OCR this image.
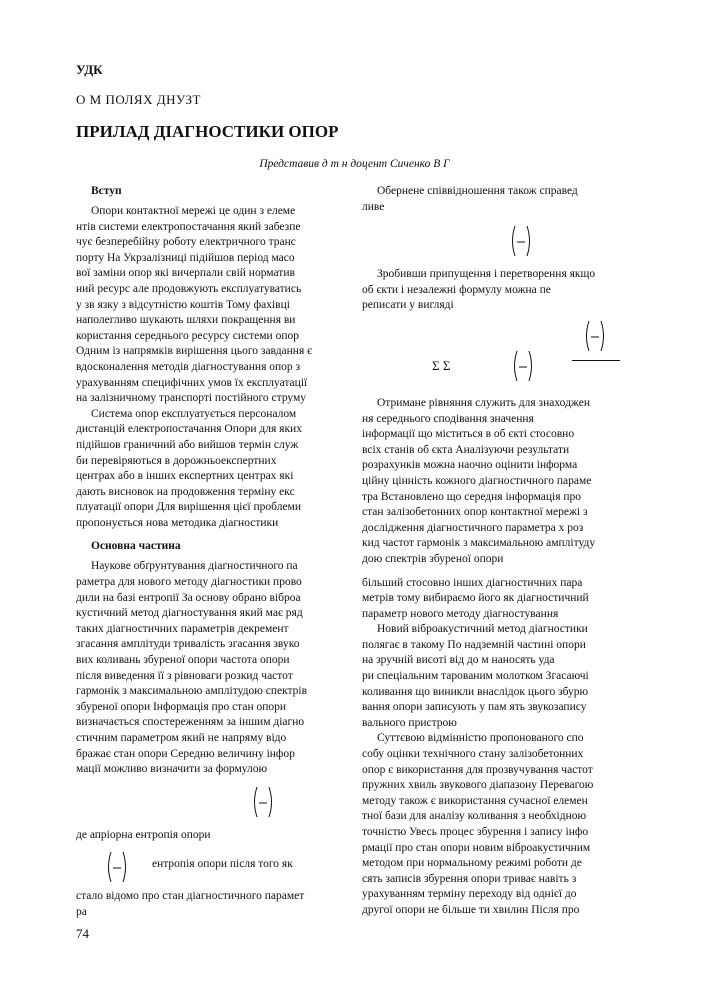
УДК
О М ПОЛЯХ ДНУЗТ
ПРИЛАД ДІАГНОСТИКИ ОПОР
Представив д т н доцент Сиченко В Г
Вступ
Опори контактної мережі це один з елеме
нтів системи електропостачання який забезпе
чує безперебійну роботу електричного транс
порту На Укрзалізниці підійшов період масо
вої заміни опор які вичерпали свій норматив
ний ресурс але продовжують експлуатуватись
у зв язку з відсутністю коштів Тому фахівці
наполегливо шукають шляхи покращення ви
користання середнього ресурсу системи опор
Одним із напрямків вирішення цього завдання є
вдосконалення методів діагностування опор з
урахуванням специфічних умов їх експлуатації
на залізничному транспорті постійного струму
Система опор експлуатується персоналом
дистанцій електропостачання Опори для яких
підійшов граничний або вийшов термін служ
би перевіряються в дорожньоекспертних
центрах або в інших експертних центрах які
дають висновок на продовження терміну екс
плуатації опори Для вирішення цієї проблеми
пропонується нова методика діагностики
Основна частина
Наукове обґрунтування діагностичного па
раметра для нового методу діагностики прово
дили на базі ентропії За основу обрано віброа
кустичний метод діагностування який має ряд
таких діагностичних параметрів декремент
згасання амплітуди тривалість згасання звуко
вих коливань збуреної опори частота опори
після виведення її з рівноваги розкид частот
гармонік з максимальною амплітудою спектрів
збуреної опори Інформація про стан опори
визначається спостереженням за іншим діагно
стичним параметром який не напряму відо
бражає стан опори Середню величину інфор
мації можливо визначити за формулою
де апріорна ентропія опори
ентропія опори після того як
стало відомо про стан діагностичного парамет
ра
Обернене співвідношення також справед
ливе
Зробивши припущення і перетворення якщо
об єкти і незалежні формулу можна пе
реписати у вигляді
Σ Σ
Отримане рівняння служить для знаходжен
ня середнього сподівання значення
інформації що міститься в об єкті стосовно
всіх станів об єкта Аналізуючи результати
розрахунків можна наочно оцінити інформа
ційну цінність кожного діагностичного параме
тра Встановлено що середня інформація про
стан залізобетонних опор контактної мережі з
дослідження діагностичного параметра x роз
кид частот гармонік з максимальною амплітуду
дою спектрів збуреної опори
більший стосовно інших діагностичних пара
метрів тому вибираємо його як діагностичний
параметр нового методу діагностування
Новий віброакустичний метод діагностики
полягає в такому По надземній частині опори
на зручній висоті від до м наносять уда
ри спеціальним тарованим молотком Згасаючі
коливання що виникли внаслідок цього збурю
вання опори записують у пам ять звукозапису
вального пристрою
Суттєвою відмінністю пропонованого спо
собу оцінки технічного стану залізобетонних
опор є використання для прозвучування частот
пружних хвиль звукового діапазону Перевагою
методу також є використання сучасної елемен
тної бази для аналізу коливання з необхідною
точністю Увесь процес збурення і запису інфо
рмації про стан опори новим віброакустичним
методом при нормальному режимі роботи де
сять записів збурення опори триває навіть з
урахуванням терміну переходу від однієї до
другої опори не більше ти хвилин Після про
74
